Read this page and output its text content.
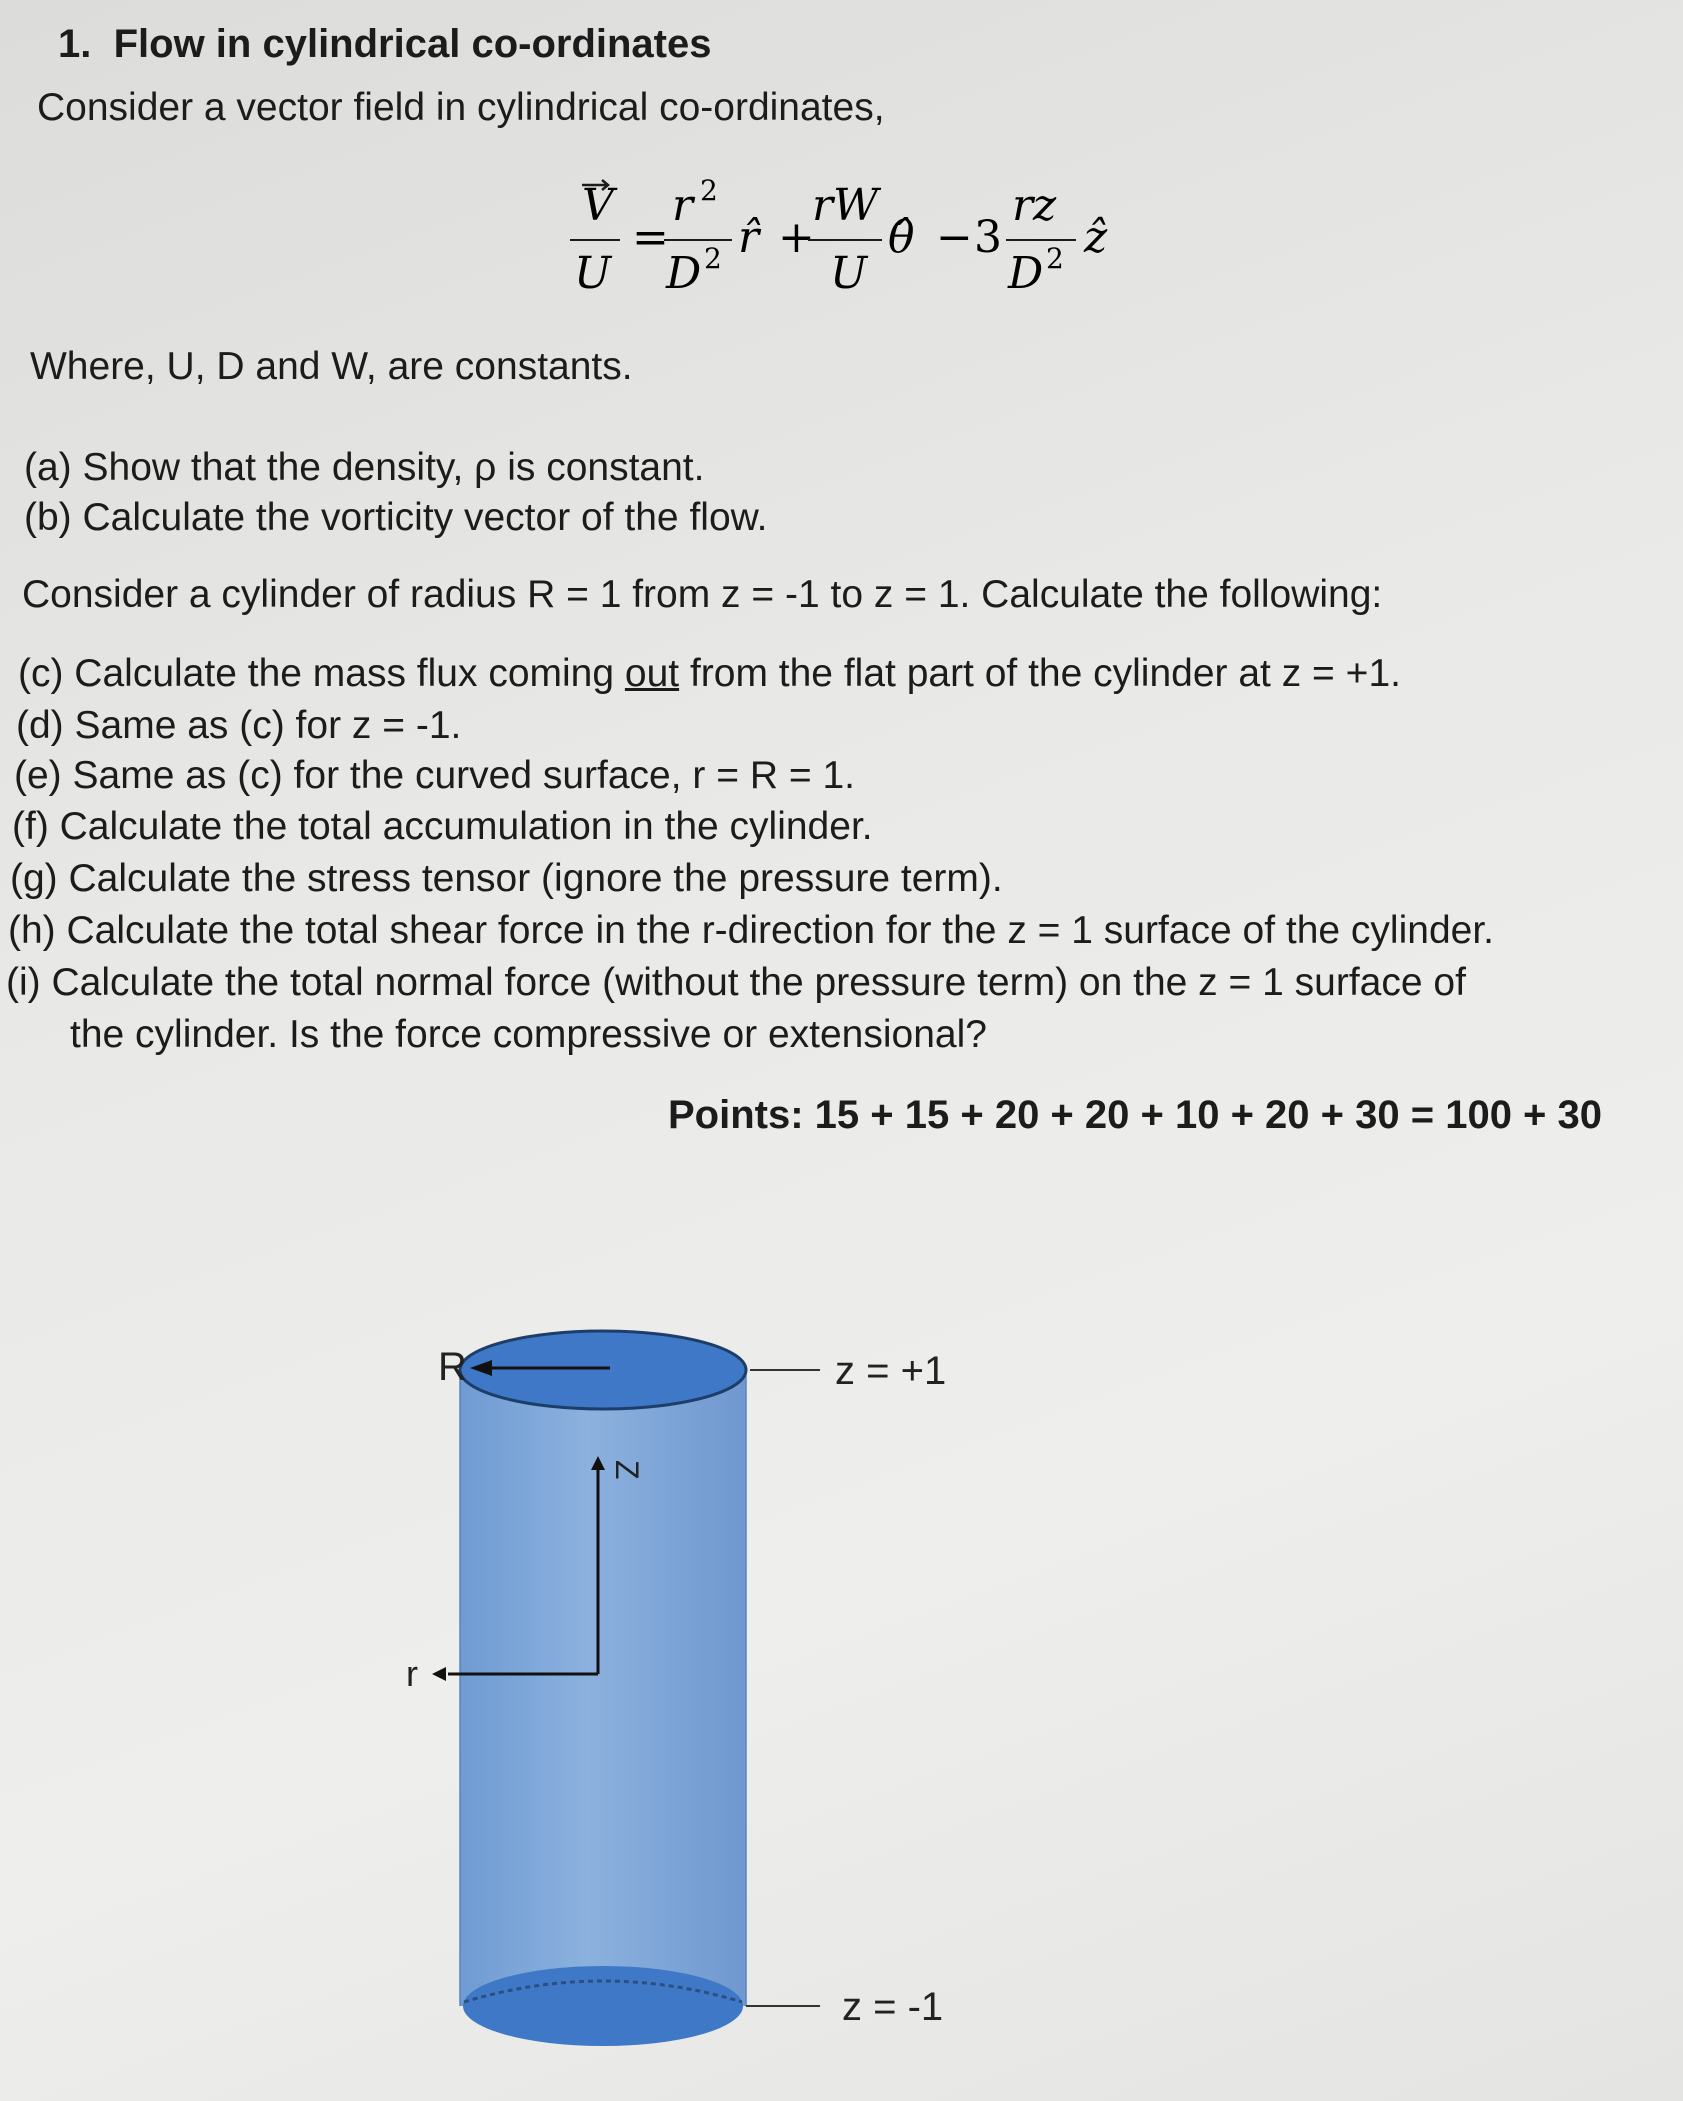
1. Flow in cylindrical co-ordinates
Consider a vector field in cylindrical co-ordinates,
V
U
=
r 2
D 2 r̂ +
rW
U
θ̂ − 3
rz
D 2 ẑ
Where, U, D and W, are constants.
(a) Show that the density, ρ is constant.
(b) Calculate the vorticity vector of the flow.
Consider a cylinder of radius R = 1 from z = -1 to z = 1. Calculate the following:
(c) Calculate the mass flux coming out from the flat part of the cylinder at z = +1.
(d) Same as (c) for z = -1.
(e) Same as (c) for the curved surface, r = R = 1.
(f) Calculate the total accumulation in the cylinder.
(g) Calculate the stress tensor (ignore the pressure term).
(h) Calculate the total shear force in the r-direction for the z = 1 surface of the cylinder.
(i) Calculate the total normal force (without the pressure term) on the z = 1 surface of
the cylinder. Is the force compressive or extensional?
Points: 15 + 15 + 20 + 20 + 10 + 20 + 30 = 100 + 30
R	z = +1
z = -1
Z
r
